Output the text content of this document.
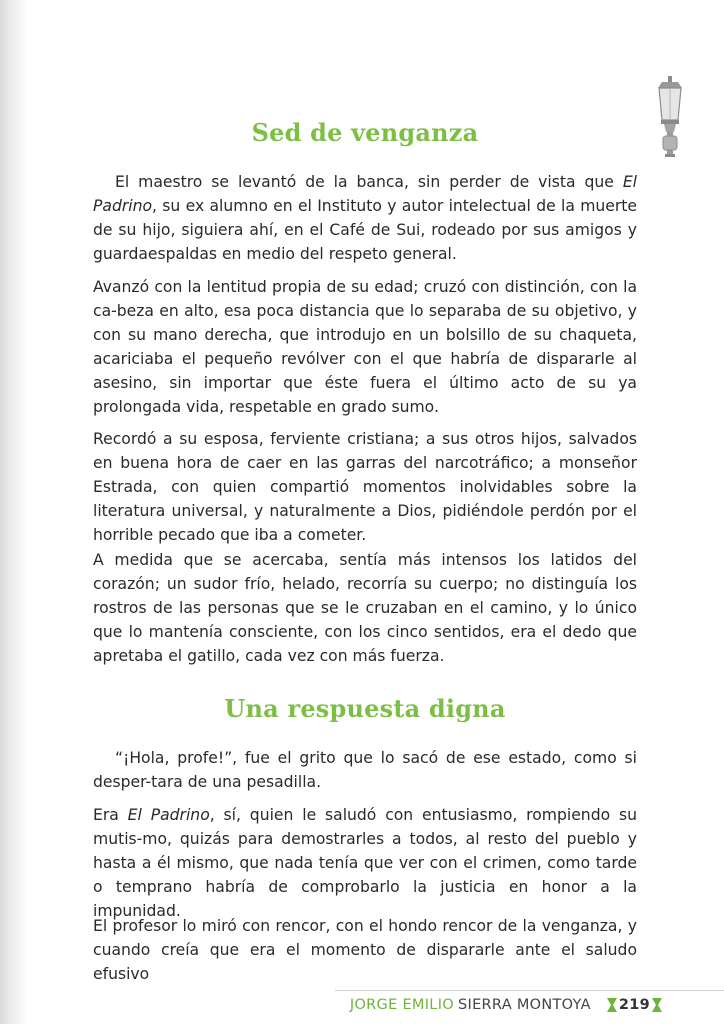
Sed de venganza

El maestro se levantó de la banca, sin perder de vista que El Padrino, su ex alumno en el Instituto y autor intelectual de la muerte de su hijo, siguiera ahí, en el Café de Sui, rodeado por sus amigos y guardaespaldas en medio del respeto general.

Avanzó con la lentitud propia de su edad; cruzó con distinción, con la ca-beza en alto, esa poca distancia que lo separaba de su objetivo, y con su mano derecha, que introdujo en un bolsillo de su chaqueta, acariciaba el pequeño revólver con el que habría de dispararle al asesino, sin importar que éste fuera el último acto de su ya prolongada vida, respetable en grado sumo.

Recordó a su esposa, ferviente cristiana; a sus otros hijos, salvados en buena hora de caer en las garras del narcotráfico; a monseñor Estrada, con quien compartió momentos inolvidables sobre la literatura universal, y naturalmente a Dios, pidiéndole perdón por el horrible pecado que iba a cometer.

A medida que se acercaba, sentía más intensos los latidos del corazón; un sudor frío, helado, recorría su cuerpo; no distinguía los rostros de las personas que se le cruzaban en el camino, y lo único que lo mantenía consciente, con los cinco sentidos, era el dedo que apretaba el gatillo, cada vez con más fuerza.

Una respuesta digna

“¡Hola, profe!”, fue el grito que lo sacó de ese estado, como si desper-tara de una pesadilla.

Era El Padrino, sí, quien le saludó con entusiasmo, rompiendo su mutis-mo, quizás para demostrarles a todos, al resto del pueblo y hasta a él mismo, que nada tenía que ver con el crimen, como tarde o temprano habría de comprobarlo la justicia en honor a la impunidad.

El profesor lo miró con rencor, con el hondo rencor de la venganza, y cuando creía que era el momento de dispararle ante el saludo efusivo

JORGE EMILIO SIERRA MONTOYA 219
